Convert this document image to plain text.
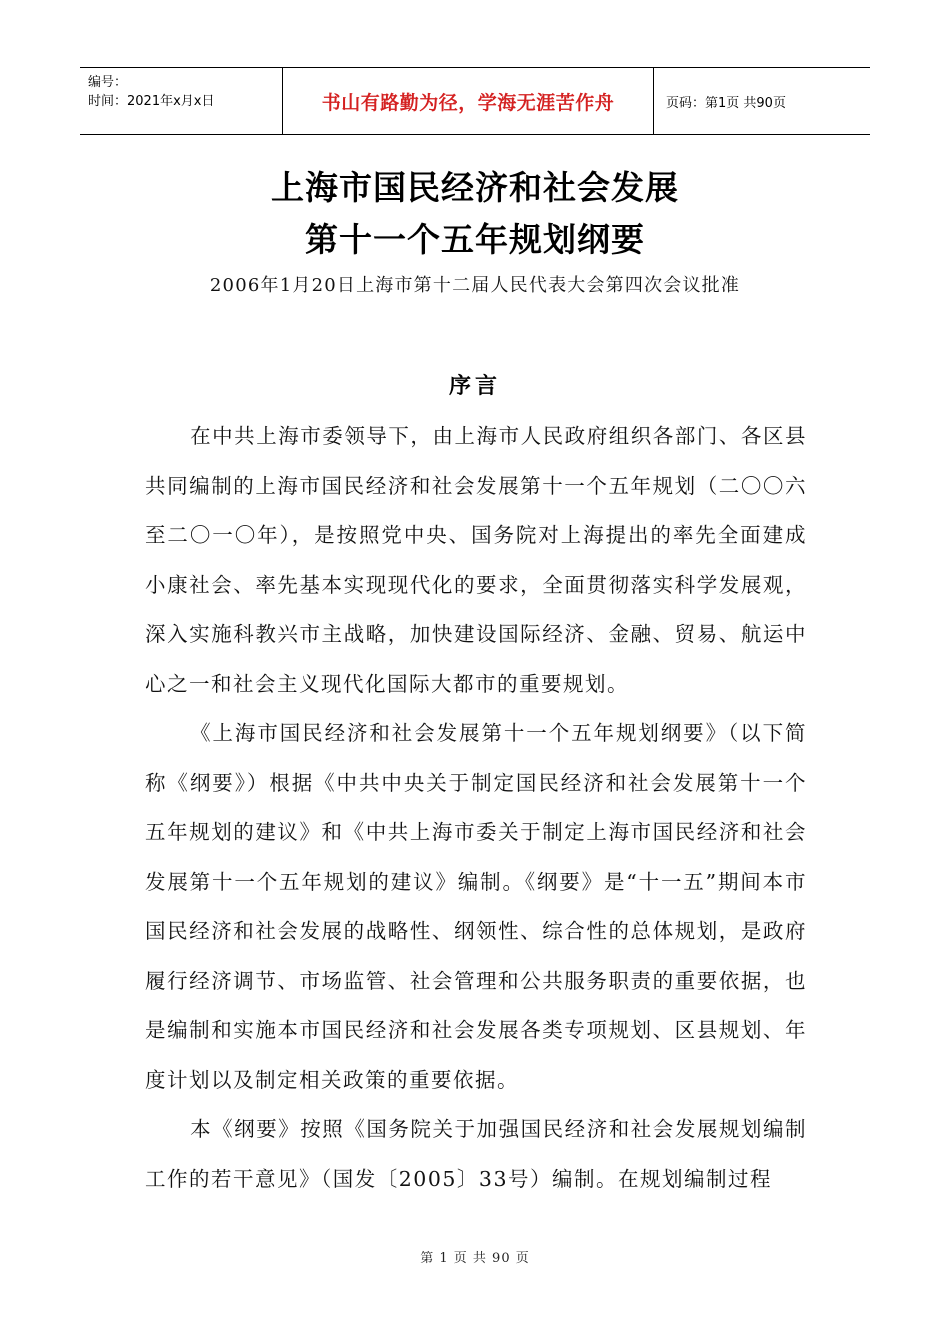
编号：
时间：2021年x月x日	书山有路勤为径，学海无涯苦作舟	页码：第1页 共90页
上海市国民经济和社会发展
第十一个五年规划纲要
2006年1月20日上海市第十二届人民代表大会第四次会议批准
序言

在中共上海市委领导下，由上海市人民政府组织各部门、各区县共同编制的上海市国民经济和社会发展第十一个五年规划（二〇〇六至二〇一〇年），是按照党中央、国务院对上海提出的率先全面建成小康社会、率先基本实现现代化的要求，全面贯彻落实科学发展观，深入实施科教兴市主战略，加快建设国际经济、金融、贸易、航运中心之一和社会主义现代化国际大都市的重要规划。

《上海市国民经济和社会发展第十一个五年规划纲要》（以下简称《纲要》）根据《中共中央关于制定国民经济和社会发展第十一个五年规划的建议》和《中共上海市委关于制定上海市国民经济和社会发展第十一个五年规划的建议》编制。《纲要》是“十一五”期间本市国民经济和社会发展的战略性、纲领性、综合性的总体规划，是政府履行经济调节、市场监管、社会管理和公共服务职责的重要依据，也是编制和实施本市国民经济和社会发展各类专项规划、区县规划、年度计划以及制定相关政策的重要依据。

本《纲要》按照《国务院关于加强国民经济和社会发展规划编制工作的若干意见》（国发〔2005〕33号）编制。在规划编制过程

第 1 页 共 90 页
